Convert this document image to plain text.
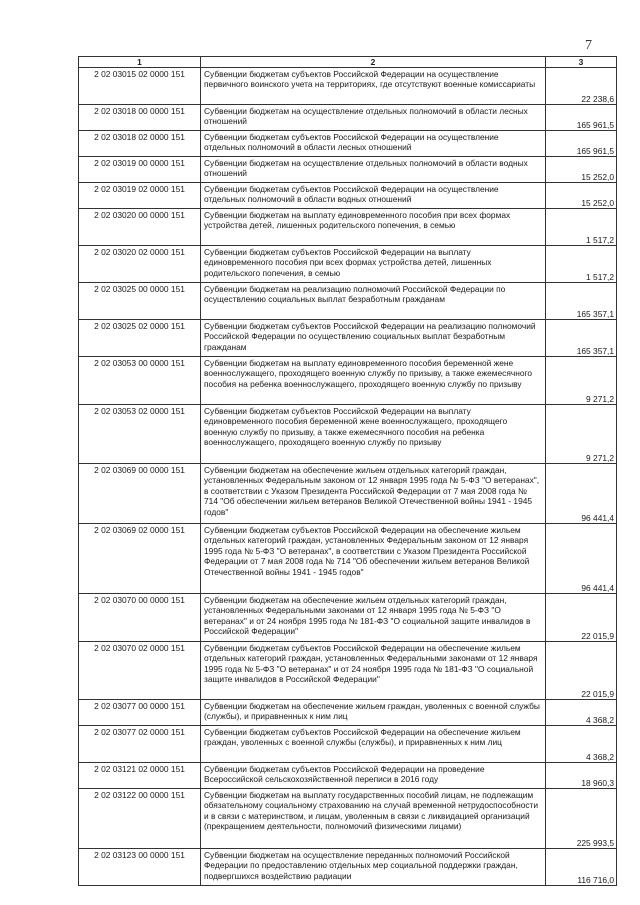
7
1	2	3
2 02 03015 02 0000 151	Субвенции бюджетам субъектов Российской Федерации на осуществление первичного воинского учета на территориях, где отсутствуют военные комиссариаты	22 238,6
2 02 03018 00 0000 151	Субвенции бюджетам на осуществление отдельных полномочий в области лесных отношений	165 961,5
2 02 03018 02 0000 151	Субвенции бюджетам субъектов Российской Федерации на осуществление отдельных полномочий в области лесных отношений	165 961,5
2 02 03019 00 0000 151	Субвенции бюджетам на осуществление отдельных полномочий в области водных отношений	15 252,0
2 02 03019 02 0000 151	Субвенции бюджетам субъектов Российской Федерации на осуществление отдельных полномочий в области водных отношений	15 252,0
2 02 03020 00 0000 151	Субвенции бюджетам на выплату единовременного пособия при всех формах устройства детей, лишенных родительского попечения, в семью	1 517,2
2 02 03020 02 0000 151	Субвенции бюджетам субъектов Российской Федерации на выплату единовременного пособия при всех формах устройства детей, лишенных родительского попечения, в семью	1 517,2
2 02 03025 00 0000 151	Субвенции бюджетам на реализацию полномочий Российской Федерации по осуществлению социальных выплат безработным гражданам	165 357,1
2 02 03025 02 0000 151	Субвенции бюджетам субъектов Российской Федерации на реализацию полномочий Российской Федерации по осуществлению социальных выплат безработным гражданам	165 357,1
2 02 03053 00 0000 151	Субвенции бюджетам на выплату единовременного пособия беременной жене военнослужащего, проходящего военную службу по призыву, а также ежемесячного пособия на ребенка военнослужащего, проходящего военную службу по призыву	9 271,2
2 02 03053 02 0000 151	Субвенции бюджетам субъектов Российской Федерации на выплату единовременного пособия беременной жене военнослужащего, проходящего военную службу по призыву, а также ежемесячного пособия на ребенка военнослужащего, проходящего военную службу по призыву	9 271,2
2 02 03069 00 0000 151	Субвенции бюджетам на обеспечение жильем отдельных категорий граждан, установленных Федеральным законом от 12 января 1995 года № 5-ФЗ "О ветеранах", в соответствии с Указом Президента Российской Федерации от 7 мая 2008 года № 714 "Об обеспечении жильем ветеранов Великой Отечественной войны 1941 - 1945 годов"	96 441,4
2 02 03069 02 0000 151	Субвенции бюджетам субъектов Российской Федерации на обеспечение жильем отдельных категорий граждан, установленных Федеральным законом от 12 января 1995 года № 5-ФЗ "О ветеранах", в соответствии с Указом Президента Российской Федерации от 7 мая 2008 года № 714 "Об обеспечении жильем ветеранов Великой Отечественной войны 1941 - 1945 годов"	96 441,4
2 02 03070 00 0000 151	Субвенции бюджетам на обеспечение жильем отдельных категорий граждан, установленных Федеральными законами от 12 января 1995 года № 5-ФЗ "О ветеранах" и от 24 ноября 1995 года № 181-ФЗ "О социальной защите инвалидов в Российской Федерации"	22 015,9
2 02 03070 02 0000 151	Субвенции бюджетам субъектов Российской Федерации на обеспечение жильем отдельных категорий граждан, установленных Федеральными законами от 12 января 1995 года № 5-ФЗ "О ветеранах" и от 24 ноября 1995 года № 181-ФЗ "О социальной защите инвалидов в Российской Федерации"	22 015,9
2 02 03077 00 0000 151	Субвенции бюджетам на обеспечение жильем граждан, уволенных с военной службы (службы), и приравненных к ним лиц	4 368,2
2 02 03077 02 0000 151	Субвенции бюджетам субъектов Российской Федерации на обеспечение жильем граждан, уволенных с военной службы (службы), и приравненных к ним лиц	4 368,2
2 02 03121 02 0000 151	Субвенции бюджетам субъектов Российской Федерации на проведение Всероссийской сельскохозяйственной переписи в 2016 году	18 960,3
2 02 03122 00 0000 151	Субвенции бюджетам на выплату государственных пособий лицам, не подлежащим обязательному социальному страхованию на случай временной нетрудоспособности и в связи с материнством, и лицам, уволенным в связи с ликвидацией организаций (прекращением деятельности, полномочий физическими лицами)	225 993,5
2 02 03123 00 0000 151	Субвенции бюджетам на осуществление переданных полномочий Российской Федерации по предоставлению отдельных мер социальной поддержки граждан, подвергшихся воздействию радиации	116 716,0
